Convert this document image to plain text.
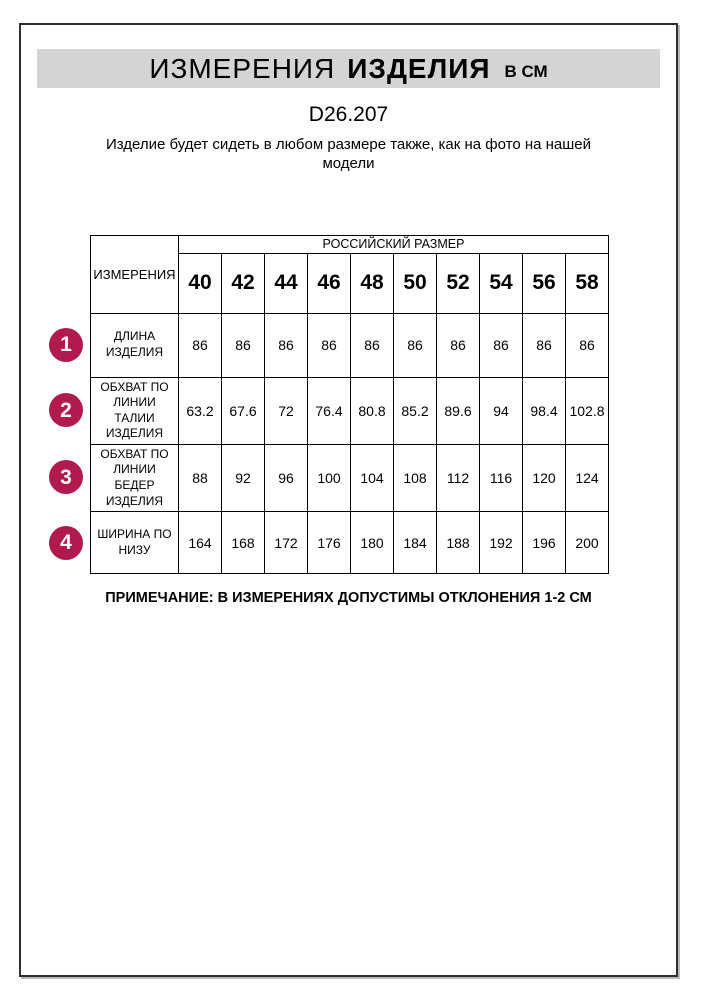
ИЗМЕРЕНИЯ ИЗДЕЛИЯ В СМ
D26.207
Изделие будет сидеть в любом размере также, как на фото на нашей модели
ИЗМЕРЕНИЯ	РОССИЙСКИЙ РАЗМЕР									
	40	42	44	46	48	50	52	54	56	58
ДЛИНА ИЗДЕЛИЯ	86	86	86	86	86	86	86	86	86	86
ОБХВАТ ПО ЛИНИИ ТАЛИИ ИЗДЕЛИЯ	63.2	67.6	72	76.4	80.8	85.2	89.6	94	98.4	102.8
ОБХВАТ ПО ЛИНИИ БЕДЕР ИЗДЕЛИЯ	88	92	96	100	104	108	112	116	120	124
ШИРИНА ПО НИЗУ	164	168	172	176	180	184	188	192	196	200
1
2
3
4
ПРИМЕЧАНИЕ: В ИЗМЕРЕНИЯХ ДОПУСТИМЫ ОТКЛОНЕНИЯ 1-2 СМ
